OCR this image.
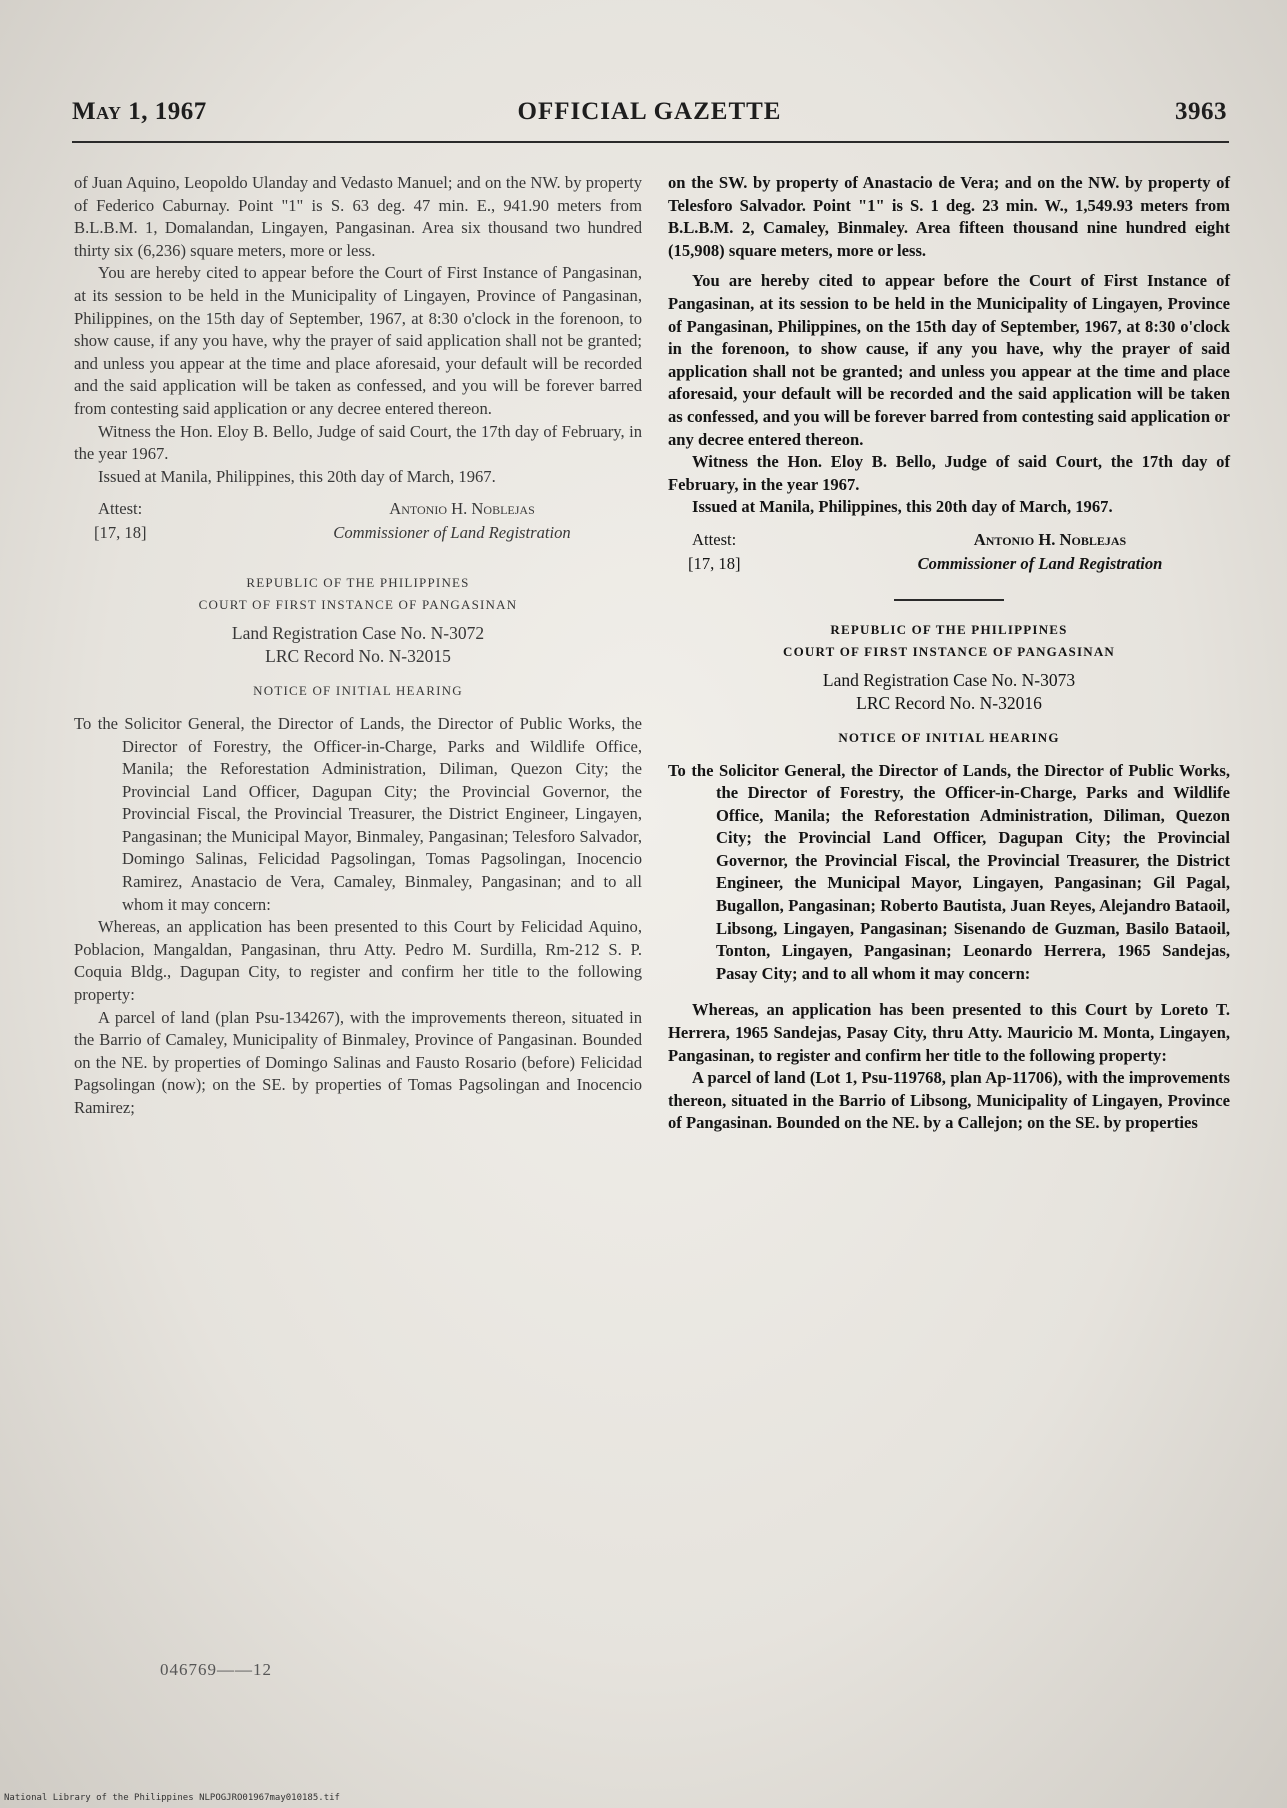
May 1, 1967	OFFICIAL GAZETTE	3963

of Juan Aquino, Leopoldo Ulanday and Vedasto Manuel; and on the NW. by property of Federico Caburnay. Point "1" is S. 63 deg. 47 min. E., 941.90 meters from B.L.B.M. 1, Domalandan, Lingayen, Pangasinan. Area six thousand two hundred thirty six (6,236) square meters, more or less.

You are hereby cited to appear before the Court of First Instance of Pangasinan, at its session to be held in the Municipality of Lingayen, Province of Pangasinan, Philippines, on the 15th day of September, 1967, at 8:30 o'clock in the forenoon, to show cause, if any you have, why the prayer of said application shall not be granted; and unless you appear at the time and place aforesaid, your default will be recorded and the said application will be taken as confessed, and you will be forever barred from contesting said application or any decree entered thereon.

Witness the Hon. Eloy B. Bello, Judge of said Court, the 17th day of February, in the year 1967.

Issued at Manila, Philippines, this 20th day of March, 1967.

Attest:
[17, 18]
Antonio H. Noblejas
Commissioner of Land Registration
REPUBLIC OF THE PHILIPPINES
COURT OF FIRST INSTANCE OF PANGASINAN
Land Registration Case No. N-3072
LRC Record No. N-32015
NOTICE OF INITIAL HEARING

To the Solicitor General, the Director of Lands, the Director of Public Works, the Director of Forestry, the Officer-in-Charge, Parks and Wildlife Office, Manila; the Reforestation Administration, Diliman, Quezon City; the Provincial Land Officer, Dagupan City; the Provincial Governor, the Provincial Fiscal, the Provincial Treasurer, the District Engineer, Lingayen, Pangasinan; the Municipal Mayor, Binmaley, Pangasinan; Telesforo Salvador, Domingo Salinas, Felicidad Pagsolingan, Tomas Pagsolingan, Inocencio Ramirez, Anastacio de Vera, Camaley, Binmaley, Pangasinan; and to all whom it may concern:

Whereas, an application has been presented to this Court by Felicidad Aquino, Poblacion, Mangaldan, Pangasinan, thru Atty. Pedro M. Surdilla, Rm-212 S. P. Coquia Bldg., Dagupan City, to register and confirm her title to the following property:

A parcel of land (plan Psu-134267), with the improvements thereon, situated in the Barrio of Camaley, Municipality of Binmaley, Province of Pangasinan. Bounded on the NE. by properties of Domingo Salinas and Fausto Rosario (before) Felicidad Pagsolingan (now); on the SE. by properties of Tomas Pagsolingan and Inocencio Ramirez;

on the SW. by property of Anastacio de Vera; and on the NW. by property of Telesforo Salvador. Point "1" is S. 1 deg. 23 min. W., 1,549.93 meters from B.L.B.M. 2, Camaley, Binmaley. Area fifteen thousand nine hundred eight (15,908) square meters, more or less.

You are hereby cited to appear before the Court of First Instance of Pangasinan, at its session to be held in the Municipality of Lingayen, Province of Pangasinan, Philippines, on the 15th day of September, 1967, at 8:30 o'clock in the forenoon, to show cause, if any you have, why the prayer of said application shall not be granted; and unless you appear at the time and place aforesaid, your default will be recorded and the said application will be taken as confessed, and you will be forever barred from contesting said application or any decree entered thereon.

Witness the Hon. Eloy B. Bello, Judge of said Court, the 17th day of February, in the year 1967.

Issued at Manila, Philippines, this 20th day of March, 1967.

Attest:
[17, 18]
Antonio H. Noblejas
Commissioner of Land Registration
REPUBLIC OF THE PHILIPPINES
COURT OF FIRST INSTANCE OF PANGASINAN
Land Registration Case No. N-3073
LRC Record No. N-32016
NOTICE OF INITIAL HEARING

To the Solicitor General, the Director of Lands, the Director of Public Works, the Director of Forestry, the Officer-in-Charge, Parks and Wildlife Office, Manila; the Reforestation Administration, Diliman, Quezon City; the Provincial Land Officer, Dagupan City; the Provincial Governor, the Provincial Fiscal, the Provincial Treasurer, the District Engineer, the Municipal Mayor, Lingayen, Pangasinan; Gil Pagal, Bugallon, Pangasinan; Roberto Bautista, Juan Reyes, Alejandro Bataoil, Libsong, Lingayen, Pangasinan; Sisenando de Guzman, Basilo Bataoil, Tonton, Lingayen, Pangasinan; Leonardo Herrera, 1965 Sandejas, Pasay City; and to all whom it may concern:

Whereas, an application has been presented to this Court by Loreto T. Herrera, 1965 Sandejas, Pasay City, thru Atty. Mauricio M. Monta, Lingayen, Pangasinan, to register and confirm her title to the following property:

A parcel of land (Lot 1, Psu-119768, plan Ap-11706), with the improvements thereon, situated in the Barrio of Libsong, Municipality of Lingayen, Province of Pangasinan. Bounded on the NE. by a Callejon; on the SE. by properties

046769——12
National Library of the Philippines NLPOGJRO01967may010185.tif
